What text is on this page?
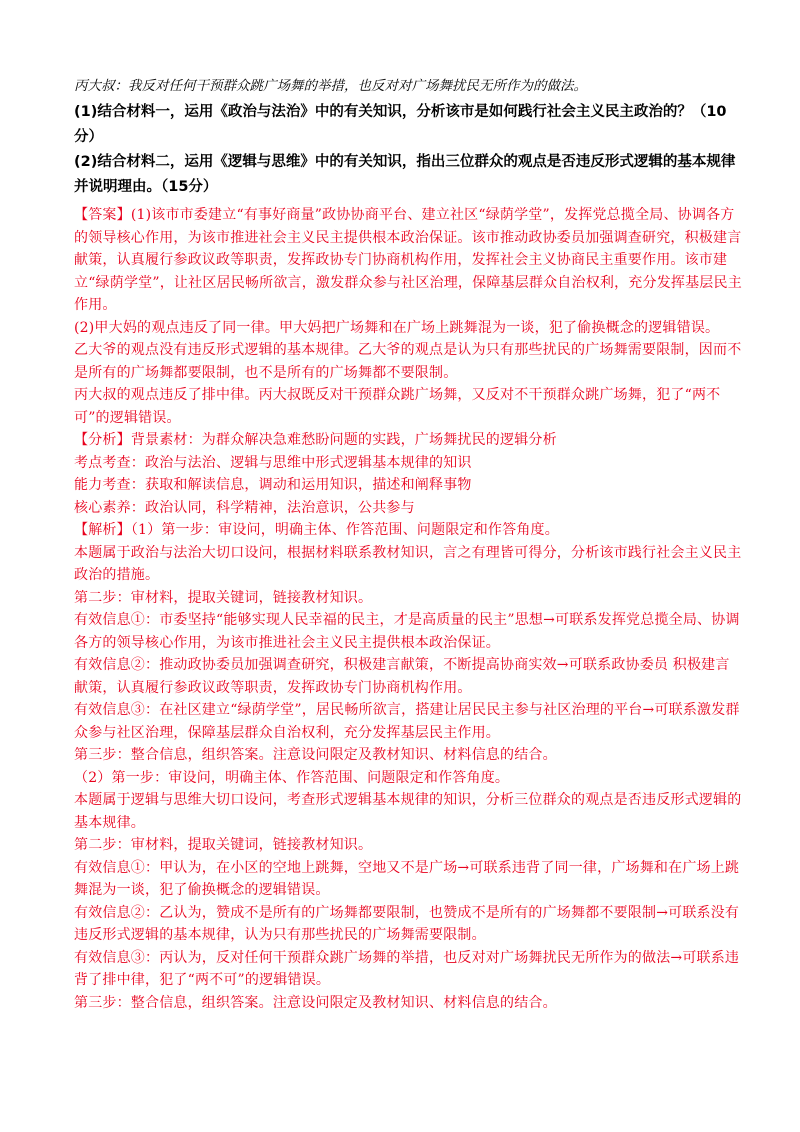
丙大叔：我反对任何干预群众跳广场舞的举措，也反对对广场舞扰民无所作为的做法。

(1)结合材料一，运用《政治与法治》中的有关知识，分析该市是如何践行社会主义民主政治的？（10分）

(2)结合材料二，运用《逻辑与思维》中的有关知识，指出三位群众的观点是否违反形式逻辑的基本规律并说明理由。（15分）

【答案】(1)该市市委建立“有事好商量”政协协商平台、建立社区“绿荫学堂”，发挥党总揽全局、协调各方的领导核心作用，为该市推进社会主义民主提供根本政治保证。该市推动政协委员加强调查研究，积极建言献策，认真履行参政议政等职责，发挥政协专门协商机构作用，发挥社会主义协商民主重要作用。该市建立“绿荫学堂”，让社区居民畅所欲言，激发群众参与社区治理，保障基层群众自治权利，充分发挥基层民主作用。

(2)甲大妈的观点违反了同一律。甲大妈把广场舞和在广场上跳舞混为一谈，犯了偷换概念的逻辑错误。

乙大爷的观点没有违反形式逻辑的基本规律。乙大爷的观点是认为只有那些扰民的广场舞需要限制，因而不是所有的广场舞都要限制，也不是所有的广场舞都不要限制。

丙大叔的观点违反了排中律。丙大叔既反对干预群众跳广场舞，又反对不干预群众跳广场舞，犯了“两不可”的逻辑错误。

【分析】背景素材：为群众解决急难愁盼问题的实践，广场舞扰民的逻辑分析

考点考查：政治与法治、逻辑与思维中形式逻辑基本规律的知识

能力考查：获取和解读信息，调动和运用知识，描述和阐释事物

核心素养：政治认同，科学精神，法治意识，公共参与

【解析】（1）第一步：审设问，明确主体、作答范围、问题限定和作答角度。

本题属于政治与法治大切口设问，根据材料联系教材知识，言之有理皆可得分，分析该市践行社会主义民主政治的措施。

第二步：审材料，提取关键词，链接教材知识。

有效信息①：市委坚持“能够实现人民幸福的民主，才是高质量的民主”思想→可联系发挥党总揽全局、协调各方的领导核心作用，为该市推进社会主义民主提供根本政治保证。

有效信息②：推动政协委员加强调查研究，积极建言献策，不断提高协商实效→可联系政协委员 积极建言献策，认真履行参政议政等职责，发挥政协专门协商机构作用。

有效信息③：在社区建立“绿荫学堂”，居民畅所欲言，搭建让居民民主参与社区治理的平台→可联系激发群众参与社区治理，保障基层群众自治权利，充分发挥基层民主作用。

第三步：整合信息，组织答案。注意设问限定及教材知识、材料信息的结合。

（2）第一步：审设问，明确主体、作答范围、问题限定和作答角度。

本题属于逻辑与思维大切口设问，考查形式逻辑基本规律的知识，分析三位群众的观点是否违反形式逻辑的基本规律。

第二步：审材料，提取关键词，链接教材知识。

有效信息①：甲认为，在小区的空地上跳舞，空地又不是广场→可联系违背了同一律，广场舞和在广场上跳舞混为一谈，犯了偷换概念的逻辑错误。

有效信息②：乙认为，赞成不是所有的广场舞都要限制，也赞成不是所有的广场舞都不要限制→可联系没有违反形式逻辑的基本规律，认为只有那些扰民的广场舞需要限制。

有效信息③：丙认为，反对任何干预群众跳广场舞的举措，也反对对广场舞扰民无所作为的做法→可联系违背了排中律，犯了“两不可”的逻辑错误。

第三步：整合信息，组织答案。注意设问限定及教材知识、材料信息的结合。
